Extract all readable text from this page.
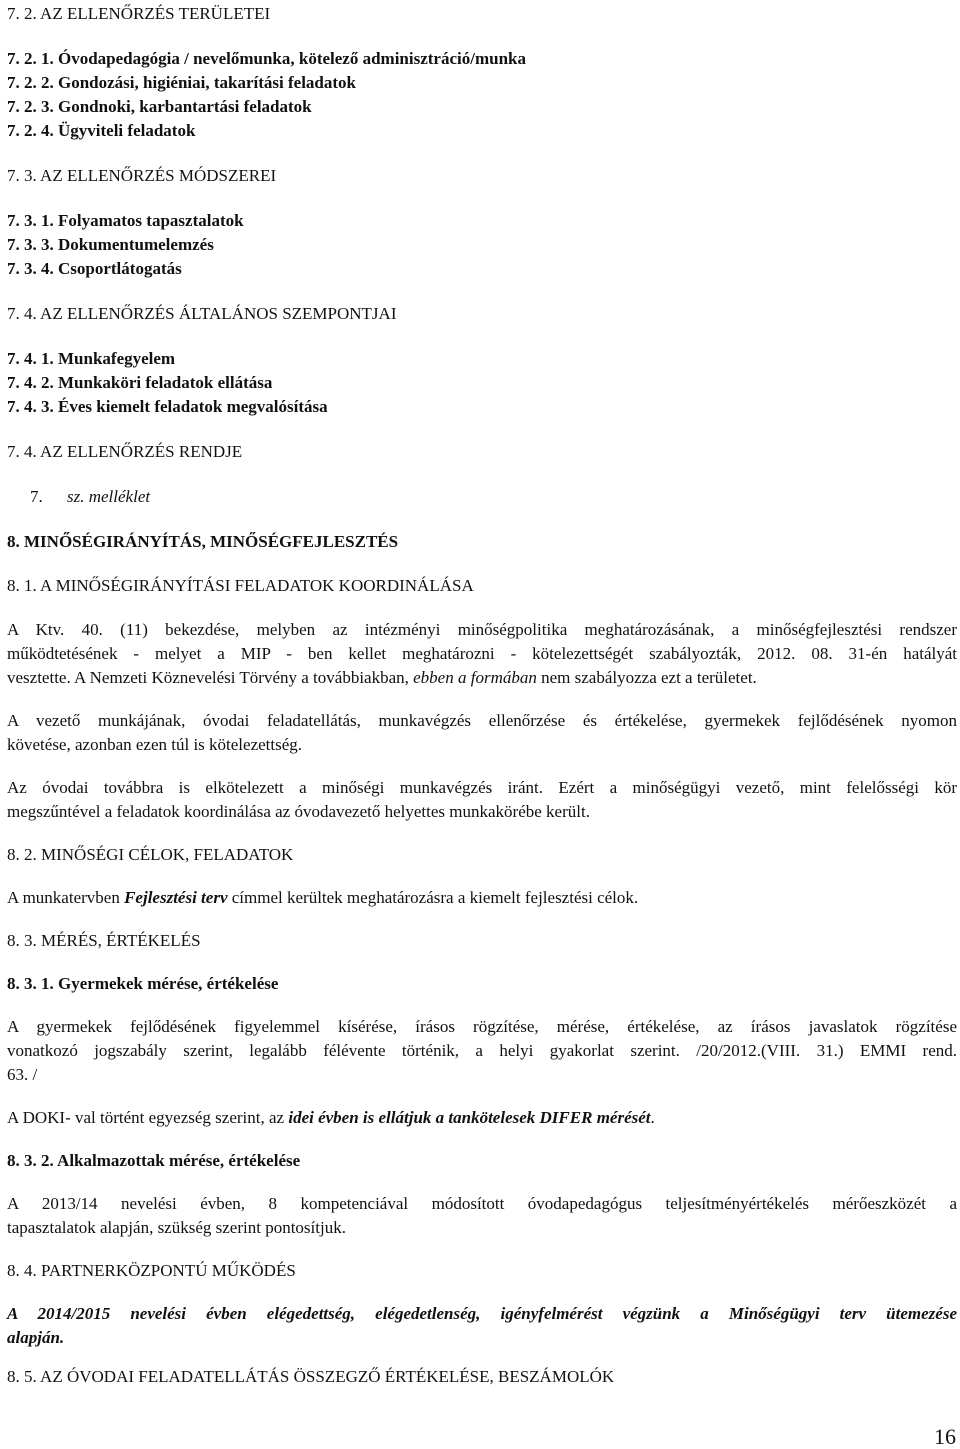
7. 2. AZ ELLENŐRZÉS TERÜLETEI

7. 2. 1. Óvodapedagógia / nevelőmunka, kötelező adminisztráció/munka

7. 2. 2. Gondozási, higiéniai, takarítási feladatok

7. 2. 3. Gondnoki, karbantartási feladatok

7. 2. 4. Ügyviteli feladatok

7. 3. AZ ELLENŐRZÉS MÓDSZEREI

7. 3. 1. Folyamatos tapasztalatok

7. 3. 3. Dokumentumelemzés

7. 3. 4. Csoportlátogatás

7. 4. AZ ELLENŐRZÉS ÁLTALÁNOS SZEMPONTJAI

7. 4. 1. Munkafegyelem

7. 4. 2. Munkaköri feladatok ellátása

7. 4. 3. Éves kiemelt feladatok megvalósítása

7. 4. AZ ELLENŐRZÉS RENDJE

7. sz. melléklet

8. MINŐSÉGIRÁNYÍTÁS, MINŐSÉGFEJLESZTÉS

8. 1. A MINŐSÉGIRÁNYÍTÁSI FELADATOK KOORDINÁLÁSA

A Ktv. 40. (11) bekezdése, melyben az intézményi minőségpolitika meghatározásának, a minőségfejlesztési rendszer

működtetésének - melyet a MIP - ben kellet meghatározni - kötelezettségét szabályozták, 2012. 08. 31-én hatályát

vesztette. A Nemzeti Köznevelési Törvény a továbbiakban, ebben a formában nem szabályozza ezt a területet.

A vezető munkájának, óvodai feladatellátás, munkavégzés ellenőrzése és értékelése, gyermekek fejlődésének nyomon

követése, azonban ezen túl is kötelezettség.

Az óvodai továbbra is elkötelezett a minőségi munkavégzés iránt. Ezért a minőségügyi vezető, mint felelősségi kör

megszűntével a feladatok koordinálása az óvodavezető helyettes munkakörébe került.

8. 2. MINŐSÉGI CÉLOK, FELADATOK

A munkatervben Fejlesztési terv címmel kerültek meghatározásra a kiemelt fejlesztési célok.

8. 3. MÉRÉS, ÉRTÉKELÉS

8. 3. 1. Gyermekek mérése, értékelése

A gyermekek fejlődésének figyelemmel kísérése, írásos rögzítése, mérése, értékelése, az írásos javaslatok rögzítése

vonatkozó jogszabály szerint, legalább félévente történik, a helyi gyakorlat szerint. /20/2012.(VIII. 31.) EMMI rend.

63. /

A DOKI- val történt egyezség szerint, az idei évben is ellátjuk a tankötelesek DIFER mérését.

8. 3. 2. Alkalmazottak mérése, értékelése

A 2013/14 nevelési évben, 8 kompetenciával módosított óvodapedagógus teljesítményértékelés mérőeszközét a

tapasztalatok alapján, szükség szerint pontosítjuk.

8. 4. PARTNERKÖZPONTÚ MŰKÖDÉS

A 2014/2015 nevelési évben elégedettség, elégedetlenség, igényfelmérést végzünk a Minőségügyi terv ütemezése

alapján.

8. 5. AZ ÓVODAI FELADATELLÁTÁS ÖSSZEGZŐ ÉRTÉKELÉSE, BESZÁMOLÓK

16
